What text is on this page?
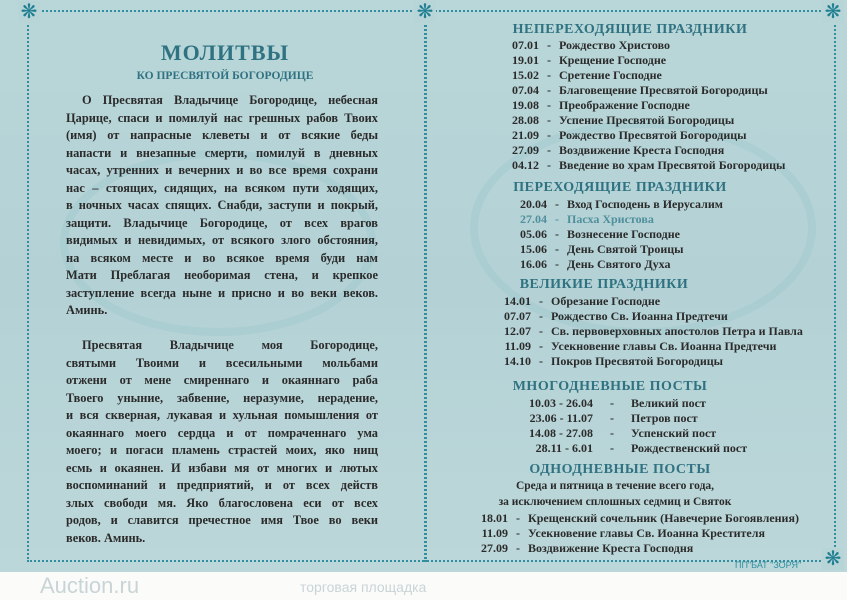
❋	❋	❋
❋
МОЛИТВЫ
КО ПРЕСВЯТОЙ БОГОРОДИЦЕ
О Пресвятая Владычице Богородице, небесная
Царице, спаси и помилуй нас грешных рабов Твоих
(имя) от напрасные клеветы и от всякие беды
напасти и внезапные смерти, помилуй в дневных
часах, утренних и вечерних и во все время сохрани
нас – стоящих, сидящих, на всяком пути ходящих,
в ночных часах спящих. Снабди, заступи и покрый,
защити. Владычице Богородице, от всех врагов
видимых и невидимых, от всякого злого обстояния,
на всяком месте и во всякое время буди нам
Мати Преблагая необоримая стена, и крепкое
заступление всегда ныне и присно и во веки веков.
Аминь.
Пресвятая Владычице моя Богородице,
святыми Твоими и всесильными мольбами
отжени от мене смиреннаго и окаяннаго раба
Твоего уныние, забвение, неразумие, нерадение,
и вся скверная, лукавая и хульная помышления от
окаяннаго моего сердца и от помраченнаго ума
моего; и погаси пламень страстей моих, яко нищ
есмь и окаянен. И избави мя от многих и лютых
воспоминаний и предприятий, и от всех действ
злых свободи мя. Яко благословена еси от всех
родов, и славится пречестное имя Твое во веки
веков. Аминь.
НЕПЕРЕХОДЯЩИЕ ПРАЗДНИКИ
07.01 - Рождество Христово
19.01 - Крещение Господне
15.02 - Сретение Господне
07.04 - Благовещение Пресвятой Богородицы
19.08 - Преображение Господне
28.08 - Успение Пресвятой Богородицы
21.09 - Рождество Пресвятой Богородицы
27.09 - Воздвижение Креста Господня
04.12 - Введение во храм Пресвятой Богородицы
ПЕРЕХОДЯЩИЕ ПРАЗДНИКИ
20.04 - Вход Господень в Иерусалим
27.04 - Пасха Христова
05.06 - Вознесение Господне
15.06 - День Святой Троицы
16.06 - День Святого Духа
ВЕЛИКИЕ ПРАЗДНИКИ
14.01 - Обрезание Господне
07.07 - Рождество Св. Иоанна Предтечи
12.07 - Св. первоверховных апостолов Петра и Павла
11.09 - Усекновение главы Св. Иоанна Предтечи
14.10 - Покров Пресвятой Богородицы
МНОГОДНЕВНЫЕ ПОСТЫ
10.03 - 26.04 - Великий пост
23.06 - 11.07 - Петров пост
14.08 - 27.08 - Успенский пост
28.11 - 6.01 - Рождественский пост
ОДНОДНЕВНЫЕ ПОСТЫ
Среда и пятница в течение всего года,
за исключением сплошных седмиц и Святок
18.01 - Крещенский сочельник (Навечерие Богоявления)
11.09 - Усекновение главы Св. Иоанна Крестителя
27.09 - Воздвижение Креста Господня
ПП"БАТ "ЗОРЯ"
Auction.ru	торговая площадка
